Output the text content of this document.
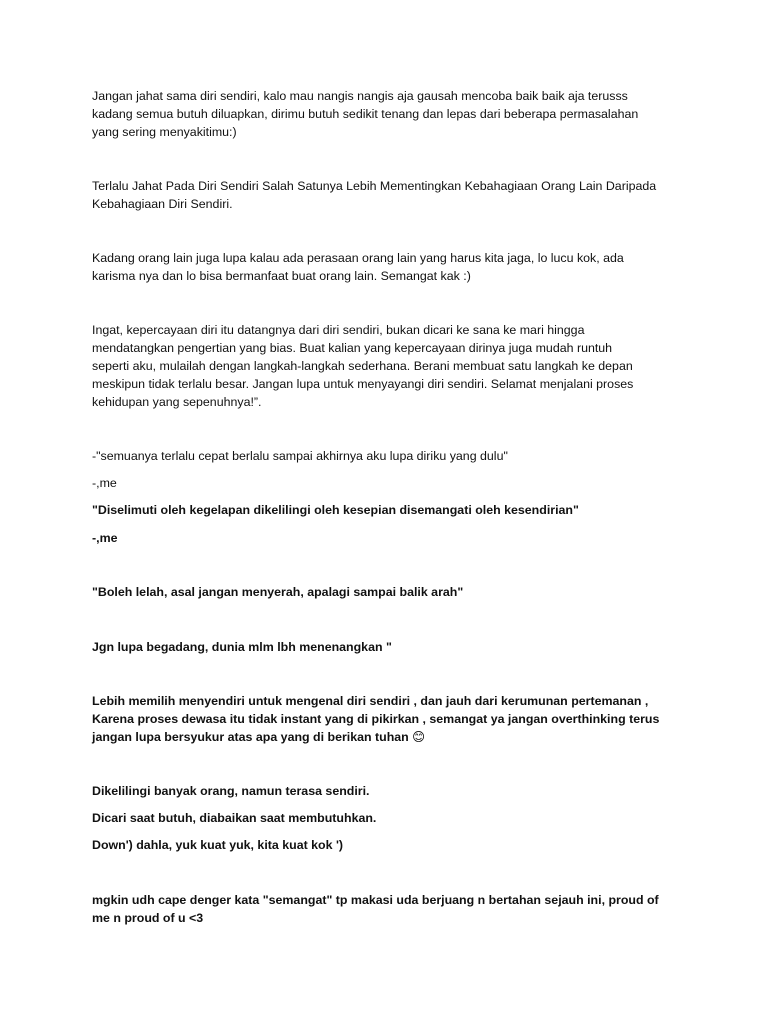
Jangan jahat sama diri sendiri, kalo mau nangis nangis aja gausah mencoba baik baik aja terusss
kadang semua butuh diluapkan, dirimu butuh sedikit tenang dan lepas dari beberapa permasalahan
yang sering menyakitimu:)
Terlalu Jahat Pada Diri Sendiri Salah Satunya Lebih Mementingkan Kebahagiaan Orang Lain Daripada
Kebahagiaan Diri Sendiri.
Kadang orang lain juga lupa kalau ada perasaan orang lain yang harus kita jaga, lo lucu kok, ada
karisma nya dan lo bisa bermanfaat buat orang lain. Semangat kak :)
Ingat, kepercayaan diri itu datangnya dari diri sendiri, bukan dicari ke sana ke mari hingga
mendatangkan pengertian yang bias. Buat kalian yang kepercayaan dirinya juga mudah runtuh
seperti aku, mulailah dengan langkah-langkah sederhana. Berani membuat satu langkah ke depan
meskipun tidak terlalu besar. Jangan lupa untuk menyayangi diri sendiri. Selamat menjalani proses
kehidupan yang sepenuhnya!”.
-"semuanya terlalu cepat berlalu sampai akhirnya aku lupa diriku yang dulu"
-,me
"Diselimuti oleh kegelapan dikelilingi oleh kesepian disemangati oleh kesendirian"
-,me
"Boleh lelah, asal jangan menyerah, apalagi sampai balik arah"
Jgn lupa begadang, dunia mlm lbh menenangkan "
Lebih memilih menyendiri untuk mengenal diri sendiri , dan jauh dari kerumunan pertemanan ,
Karena proses dewasa itu tidak instant yang di pikirkan , semangat ya jangan overthinking terus
jangan lupa bersyukur atas apa yang di berikan tuhan 😊
Dikelilingi banyak orang, namun terasa sendiri.
Dicari saat butuh, diabaikan saat membutuhkan.
Down') dahla, yuk kuat yuk, kita kuat kok ')
mgkin udh cape denger kata "semangat" tp makasi uda berjuang n bertahan sejauh ini, proud of
me n proud of u <3
